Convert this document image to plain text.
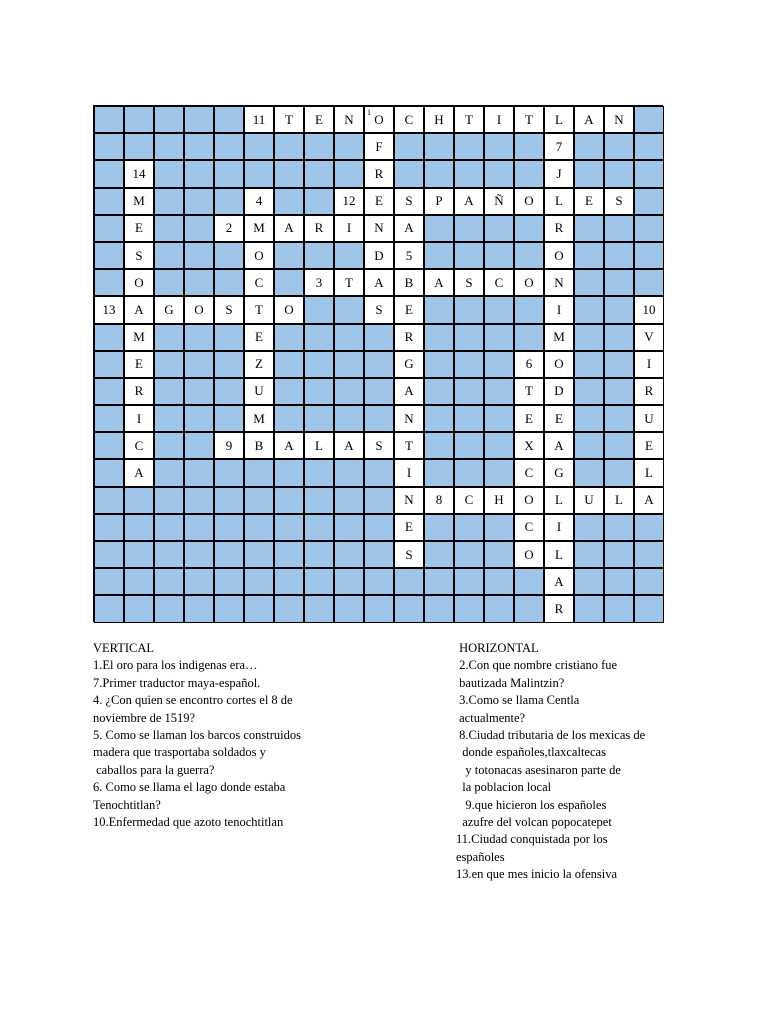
11	T	E	N	O
1	C	H	T	I	T	L	A	N
F	7
14	R	J
M	4	12	E	S	P	A	Ñ	O	L	E	S
E	2	M	A	R	I	N	A	R
S	O	D	5	O
O	C	3	T	A	B	A	S	C	O	N
13	A	G	O	S	T	O	S	E	I	10
M	E	R	M	V
E	Z	G	6	O	I
R	U	A	T	D	R
I	M	N	E	E	U
C	9	B	A	L	A	S	T	X	A	E
A	I	C	G	L
N	8	C	H	O	L	U	L	A
E	C	I
S	O	L
A
R
VERTICAL
1.El oro para los indigenas era…
7.Primer traductor maya-español.
4. ¿Con quien se encontro cortes el 8 de
noviembre de 1519?
5. Como se llaman los barcos construidos
madera que trasportaba soldados y
caballos para la guerra?
6. Como se llama el lago donde estaba
Tenochtitlan?
10.Enfermedad que azoto tenochtitlan
HORIZONTAL
2.Con que nombre cristiano fue
bautizada Malintzin?
3.Como se llama Centla
actualmente?
8.Ciudad tributaria de los mexicas de
donde españoles,tlaxcaltecas
y totonacas asesinaron parte de
la poblacion local
9.que hicieron los españoles
azufre del volcan popocatepet
11.Ciudad conquistada por los
españoles
13.en que mes inicio la ofensiva
